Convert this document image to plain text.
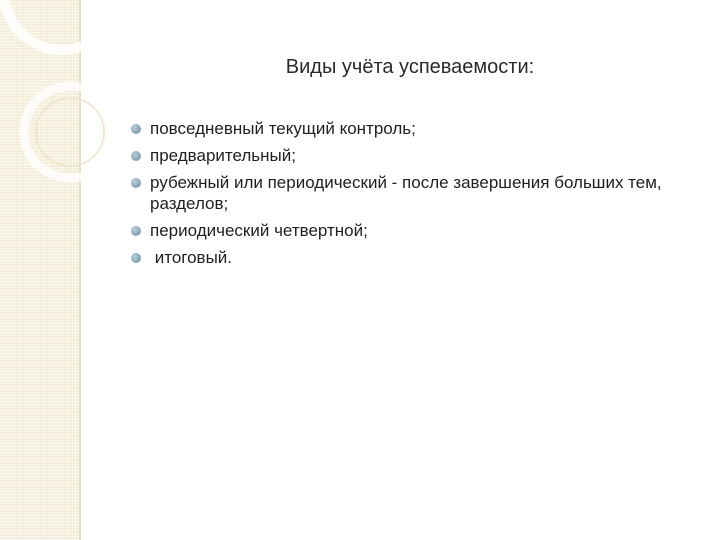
Виды учёта успеваемости:
повседневный текущий контроль;
предварительный;
рубежный или периодический - после завершения больших тем, разделов;
периодический четвертной;
итоговый.
